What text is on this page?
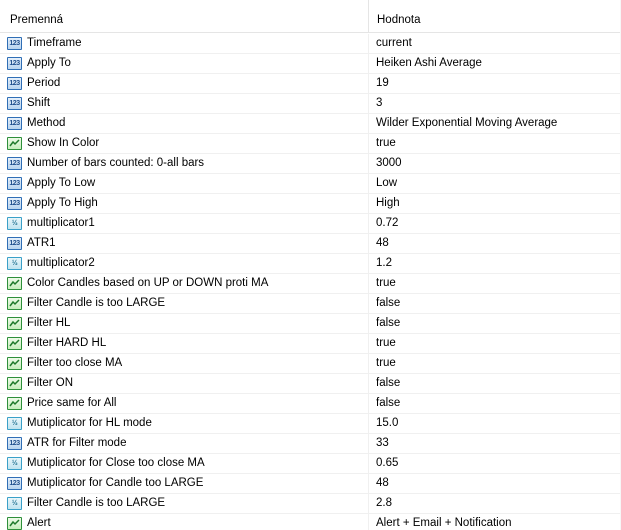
Premenná	Hodnota
123 Timeframe	current
123 Apply To	Heiken Ashi Average
123 Period	19
123 Shift	3
123 Method	Wilder Exponential Moving Average
Show In Color	true
123 Number of bars counted: 0-all bars	3000
123 Apply To Low	Low
123 Apply To High	High
½ multiplicator1	0.72
123 ATR1	48
½ multiplicator2	1.2
Color Candles based on UP or DOWN proti MA	true
Filter Candle is too LARGE	false
Filter HL	false
Filter HARD HL	true
Filter too close MA	true
Filter ON	false
Price same for All	false
½ Mutiplicator for HL mode	15.0
123 ATR for Filter mode	33
½ Mutiplicator for Close too close MA	0.65
123 Mutiplicator for Candle too LARGE	48
½ Filter Candle is too LARGE	2.8
Alert	Alert + Email + Notification
